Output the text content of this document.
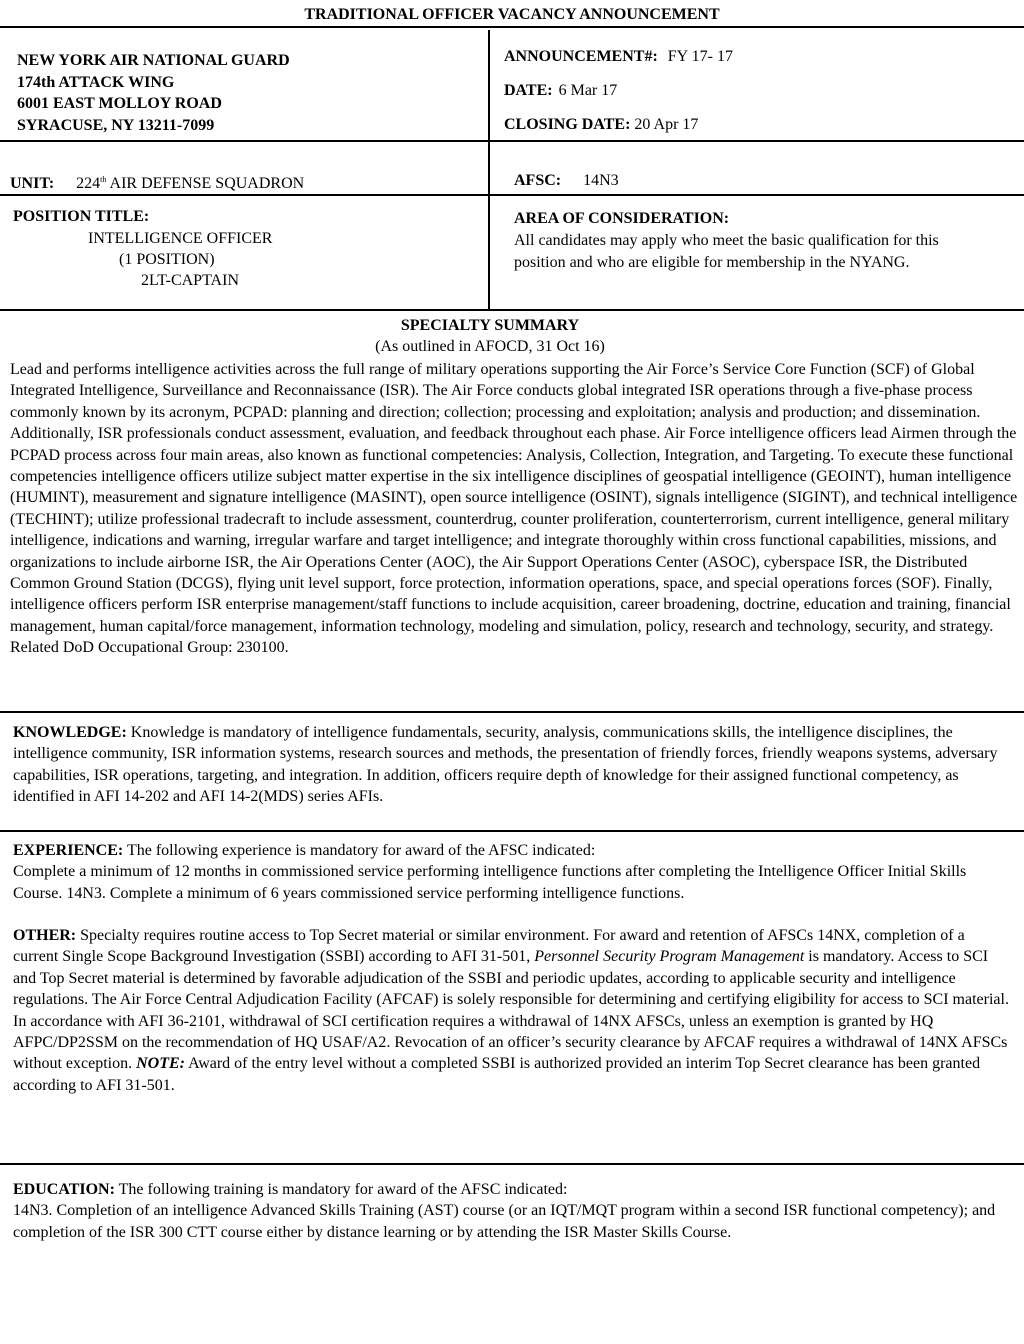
TRADITIONAL OFFICER VACANCY ANNOUNCEMENT
NEW YORK AIR NATIONAL GUARD
174th ATTACK WING
6001 EAST MOLLOY ROAD
SYRACUSE, NY 13211-7099
ANNOUNCEMENT#: FY 17- 17
DATE: 6 Mar 17
CLOSING DATE: 20 Apr 17
UNIT: 224th AIR DEFENSE SQUADRON	AFSC: 14N3
POSITION TITLE:
INTELLIGENCE OFFICER
(1 POSITION)
2LT-CAPTAIN
AREA OF CONSIDERATION:
All candidates may apply who meet the basic qualification for this
position and who are eligible for membership in the NYANG.
SPECIALTY SUMMARY
(As outlined in AFOCD, 31 Oct 16)
Lead and performs intelligence activities across the full range of military operations supporting the Air Force’s Service Core Function (SCF) of Global Integrated Intelligence, Surveillance and Reconnaissance (ISR). The Air Force conducts global integrated ISR operations through a five-phase process commonly known by its acronym, PCPAD: planning and direction; collection; processing and exploitation; analysis and production; and dissemination. Additionally, ISR professionals conduct assessment, evaluation, and feedback throughout each phase. Air Force intelligence officers lead Airmen through the PCPAD process across four main areas, also known as functional competencies: Analysis, Collection, Integration, and Targeting. To execute these functional competencies intelligence officers utilize subject matter expertise in the six intelligence disciplines of geospatial intelligence (GEOINT), human intelligence (HUMINT), measurement and signature intelligence (MASINT), open source intelligence (OSINT), signals intelligence (SIGINT), and technical intelligence (TECHINT); utilize professional tradecraft to include assessment, counterdrug, counter proliferation, counterterrorism, current intelligence, general military intelligence, indications and warning, irregular warfare and target intelligence; and integrate thoroughly within cross functional capabilities, missions, and organizations to include airborne ISR, the Air Operations Center (AOC), the Air Support Operations Center (ASOC), cyberspace ISR, the Distributed Common Ground Station (DCGS), flying unit level support, force protection, information operations, space, and special operations forces (SOF). Finally, intelligence officers perform ISR enterprise management/staff functions to include acquisition, career broadening, doctrine, education and training, financial management, human capital/force management, information technology, modeling and simulation, policy, research and technology, security, and strategy. Related DoD Occupational Group: 230100.
KNOWLEDGE: Knowledge is mandatory of intelligence fundamentals, security, analysis, communications skills, the intelligence disciplines, the intelligence community, ISR information systems, research sources and methods, the presentation of friendly forces, friendly weapons systems, adversary capabilities, ISR operations, targeting, and integration. In addition, officers require depth of knowledge for their assigned functional competency, as identified in AFI 14-202 and AFI 14-2(MDS) series AFIs.
EXPERIENCE: The following experience is mandatory for award of the AFSC indicated:
Complete a minimum of 12 months in commissioned service performing intelligence functions after completing the Intelligence Officer Initial Skills Course. 14N3. Complete a minimum of 6 years commissioned service performing intelligence functions.
OTHER: Specialty requires routine access to Top Secret material or similar environment. For award and retention of AFSCs 14NX, completion of a current Single Scope Background Investigation (SSBI) according to AFI 31-501, Personnel Security Program Management is mandatory. Access to SCI and Top Secret material is determined by favorable adjudication of the SSBI and periodic updates, according to applicable security and intelligence regulations. The Air Force Central Adjudication Facility (AFCAF) is solely responsible for determining and certifying eligibility for access to SCI material. In accordance with AFI 36-2101, withdrawal of SCI certification requires a withdrawal of 14NX AFSCs, unless an exemption is granted by HQ AFPC/DP2SSM on the recommendation of HQ USAF/A2. Revocation of an officer’s security clearance by AFCAF requires a withdrawal of 14NX AFSCs without exception. NOTE: Award of the entry level without a completed SSBI is authorized provided an interim Top Secret clearance has been granted according to AFI 31-501.
EDUCATION: The following training is mandatory for award of the AFSC indicated:
14N3. Completion of an intelligence Advanced Skills Training (AST) course (or an IQT/MQT program within a second ISR functional competency); and completion of the ISR 300 CTT course either by distance learning or by attending the ISR Master Skills Course.
